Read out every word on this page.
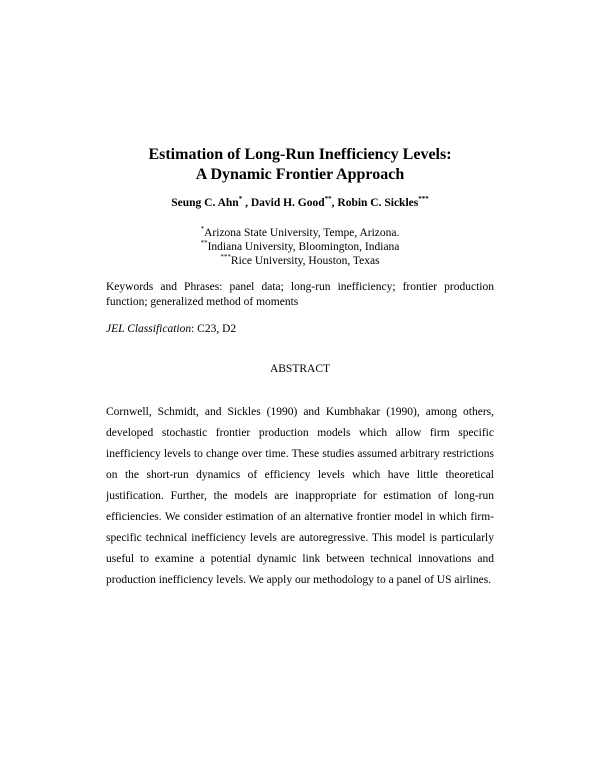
Estimation of Long-Run Inefficiency Levels:
A Dynamic Frontier Approach
Seung C. Ahn* , David H. Good**, Robin C. Sickles***
*Arizona State University, Tempe, Arizona.
**Indiana University, Bloomington, Indiana
***Rice University, Houston, Texas
Keywords and Phrases: panel data; long-run inefficiency; frontier production
function; generalized method of moments
JEL Classification: C23, D2
ABSTRACT
Cornwell, Schmidt, and Sickles (1990) and Kumbhakar (1990), among others,
developed stochastic frontier production models which allow firm specific
inefficiency levels to change over time. These studies assumed arbitrary restrictions
on the short-run dynamics of efficiency levels which have little theoretical
justification. Further, the models are inappropriate for estimation of long-run
efficiencies. We consider estimation of an alternative frontier model in which firm-
specific technical inefficiency levels are autoregressive. This model is particularly
useful to examine a potential dynamic link between technical innovations and
production inefficiency levels. We apply our methodology to a panel of US airlines.
